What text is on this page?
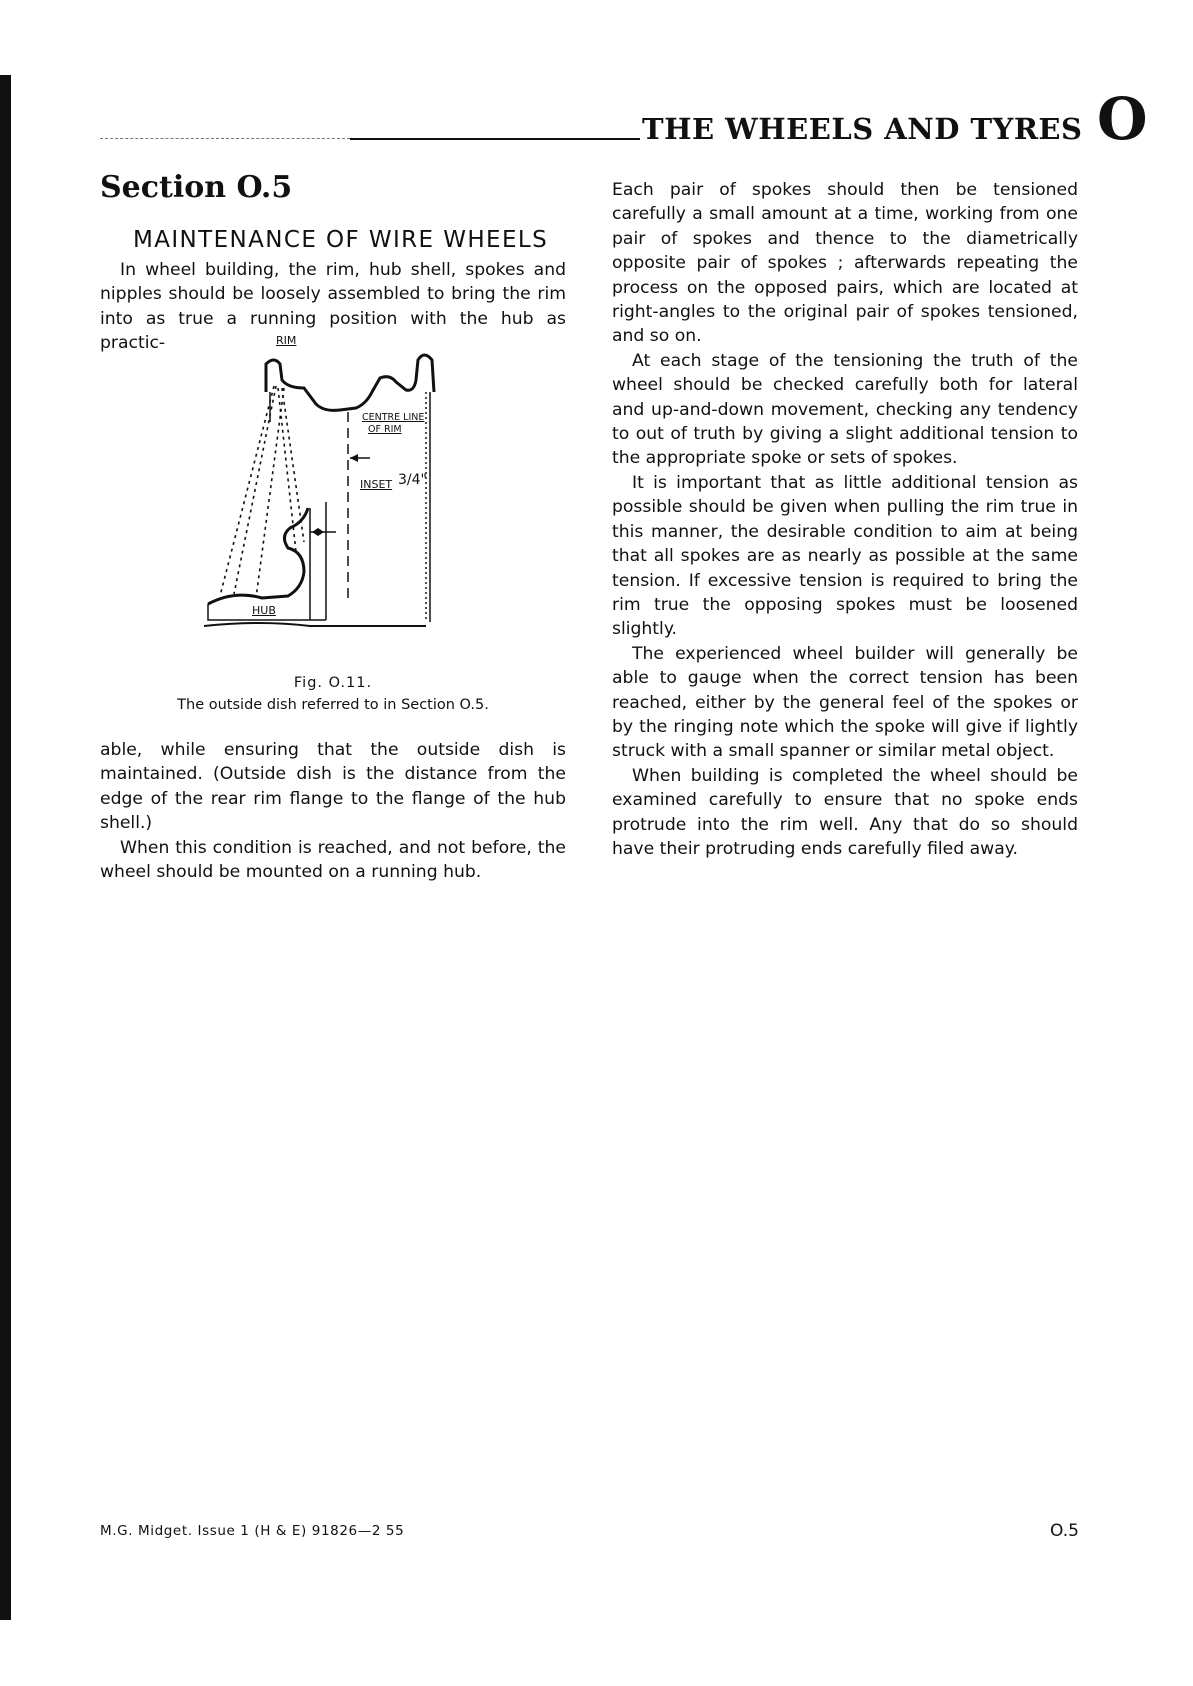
THE WHEELS AND TYRES O
Section O.5
MAINTENANCE OF WIRE WHEELS

In wheel building, the rim, hub shell, spokes and nipples should be loosely assembled to bring the rim into as true a running position with the hub as practic-	RIM
CENTRE LINE
OF RIM
INSET 3/4"
HUB
Fig. O.11.
The outside dish referred to in Section O.5.

able, while ensuring that the outside dish is maintained. (Outside dish is the distance from the edge of the rear rim flange to the flange of the hub shell.)

When this condition is reached, and not before, the wheel should be mounted on a running hub.

Each pair of spokes should then be tensioned carefully a small amount at a time, working from one pair of spokes and thence to the diametrically opposite pair of spokes ; afterwards repeating the process on the opposed pairs, which are located at right-angles to the original pair of spokes tensioned, and so on.

At each stage of the tensioning the truth of the wheel should be checked carefully both for lateral and up-and-down movement, checking any tendency to out of truth by giving a slight additional tension to the appropriate spoke or sets of spokes.

It is important that as little additional tension as possible should be given when pulling the rim true in this manner, the desirable condition to aim at being that all spokes are as nearly as possible at the same tension. If excessive tension is required to bring the rim true the opposing spokes must be loosened slightly.

The experienced wheel builder will generally be able to gauge when the correct tension has been reached, either by the general feel of the spokes or by the ringing note which the spoke will give if lightly struck with a small spanner or similar metal object.

When building is completed the wheel should be examined carefully to ensure that no spoke ends protrude into the rim well. Any that do so should have their protruding ends carefully filed away.

M.G. Midget. Issue 1 (H & E) 91826—2 55	O.5
